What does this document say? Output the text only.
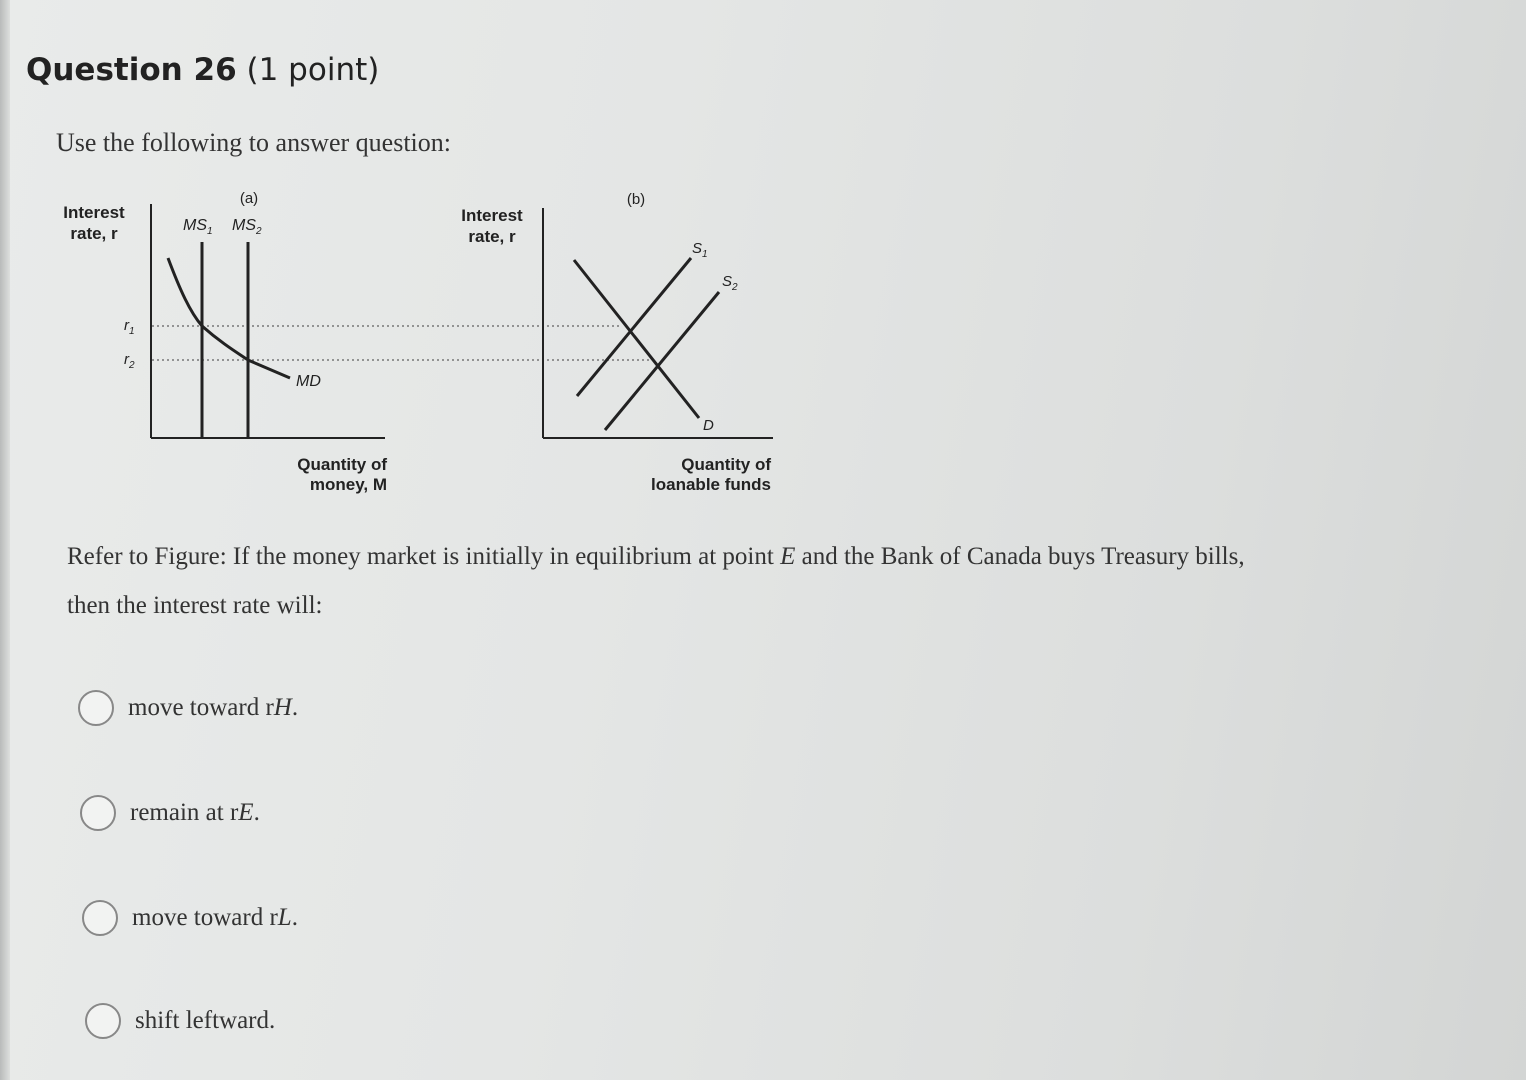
Question 26 (1 point)
Use the following to answer question:
(a)
Interest
rate, r
$r_1$
$r_2$
$MS_1$ $MS_2$
MD
Quantity of
money, M
(b)
Interest
rate, r
$S_1$
$S_2$
D
Quantity of
loanable funds
Refer to Figure: If the money market is initially in equilibrium at point E and the Bank of Canada buys Treasury bills, then the interest rate will:
move toward rH.
remain at rE.
move toward rL.
shift leftward.
